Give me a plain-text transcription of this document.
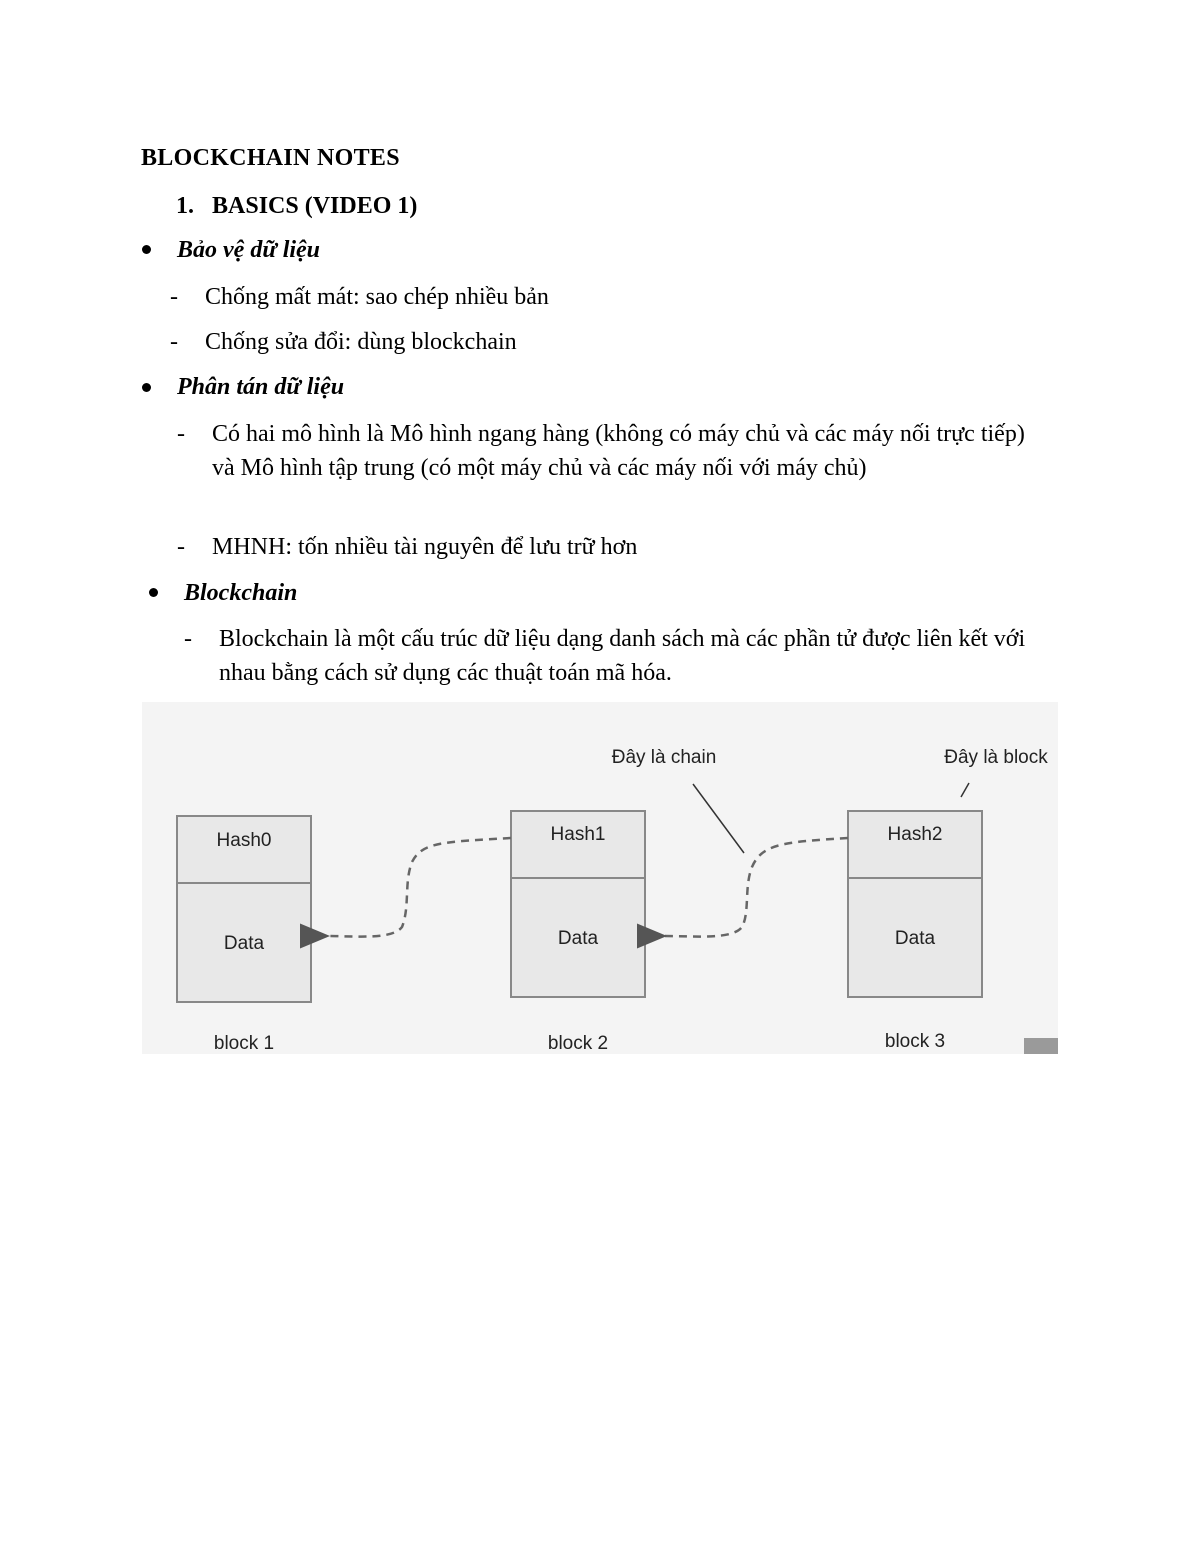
BLOCKCHAIN NOTES
1. BASICS (VIDEO 1)
Bảo vệ dữ liệu
- Chống mất mát: sao chép nhiều bản
- Chống sửa đổi: dùng blockchain
Phân tán dữ liệu
- Có hai mô hình là Mô hình ngang hàng (không có máy chủ và các máy nối trực tiếp) và Mô hình tập trung (có một máy chủ và các máy nối với máy chủ)
- MHNH: tốn nhiều tài nguyên để lưu trữ hơn
Blockchain
- Blockchain là một cấu trúc dữ liệu dạng danh sách mà các phần tử được liên kết với nhau bằng cách sử dụng các thuật toán mã hóa.
Hash0
Data
block 1
Hash1
Data
block 2
Hash2
Data
block 3
Đây là chain	Đây là block
